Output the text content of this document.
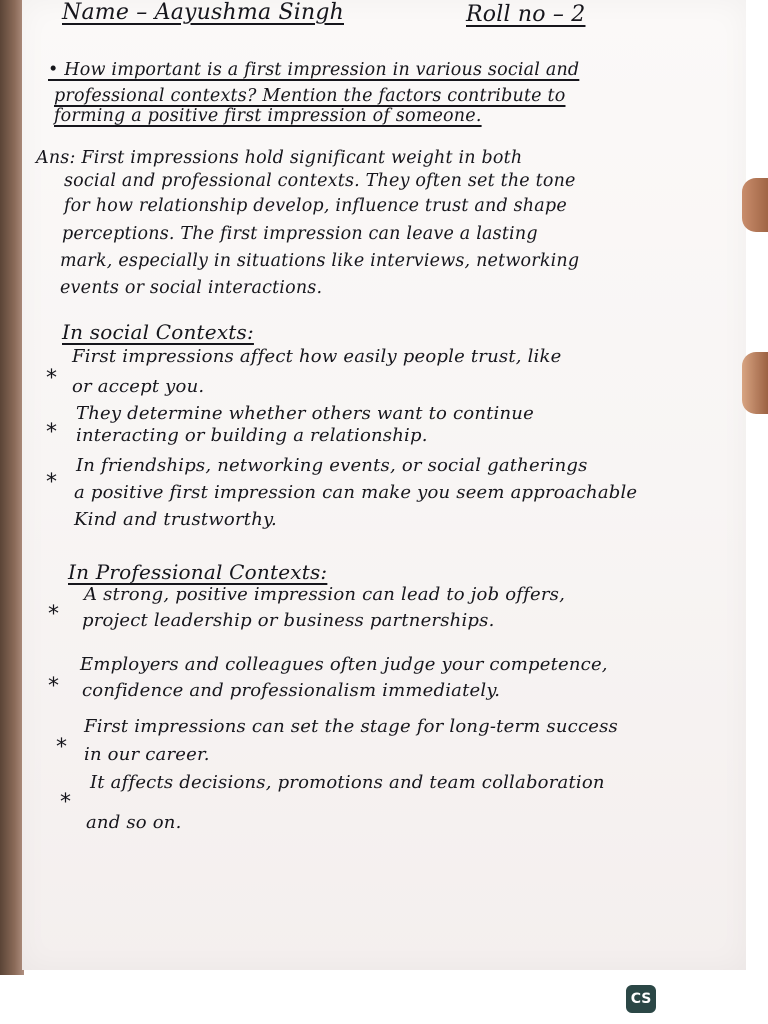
Name – Aayushma Singh	Roll no – 2
• How important is a first impression in various social and
professional contexts? Mention the factors contribute to
forming a positive first impression of someone.
Ans: First impressions hold significant weight in both
social and professional contexts. They often set the tone
for how relationship develop, influence trust and shape
perceptions. The first impression can leave a lasting
mark, especially in situations like interviews, networking
events or social interactions.
In social Contexts:
*
First impressions affect how easily people trust, like
or accept you.
*
They determine whether others want to continue
interacting or building a relationship.
*
In friendships, networking events, or social gatherings
a positive first impression can make you seem approachable
Kind and trustworthy.
In Professional Contexts:
*
A strong, positive impression can lead to job offers,
project leadership or business partnerships.
*
Employers and colleagues often judge your competence,
confidence and professionalism immediately.
*
First impressions can set the stage for long-term success
in our career.
*
It affects decisions, promotions and team collaboration
and so on.
CS
